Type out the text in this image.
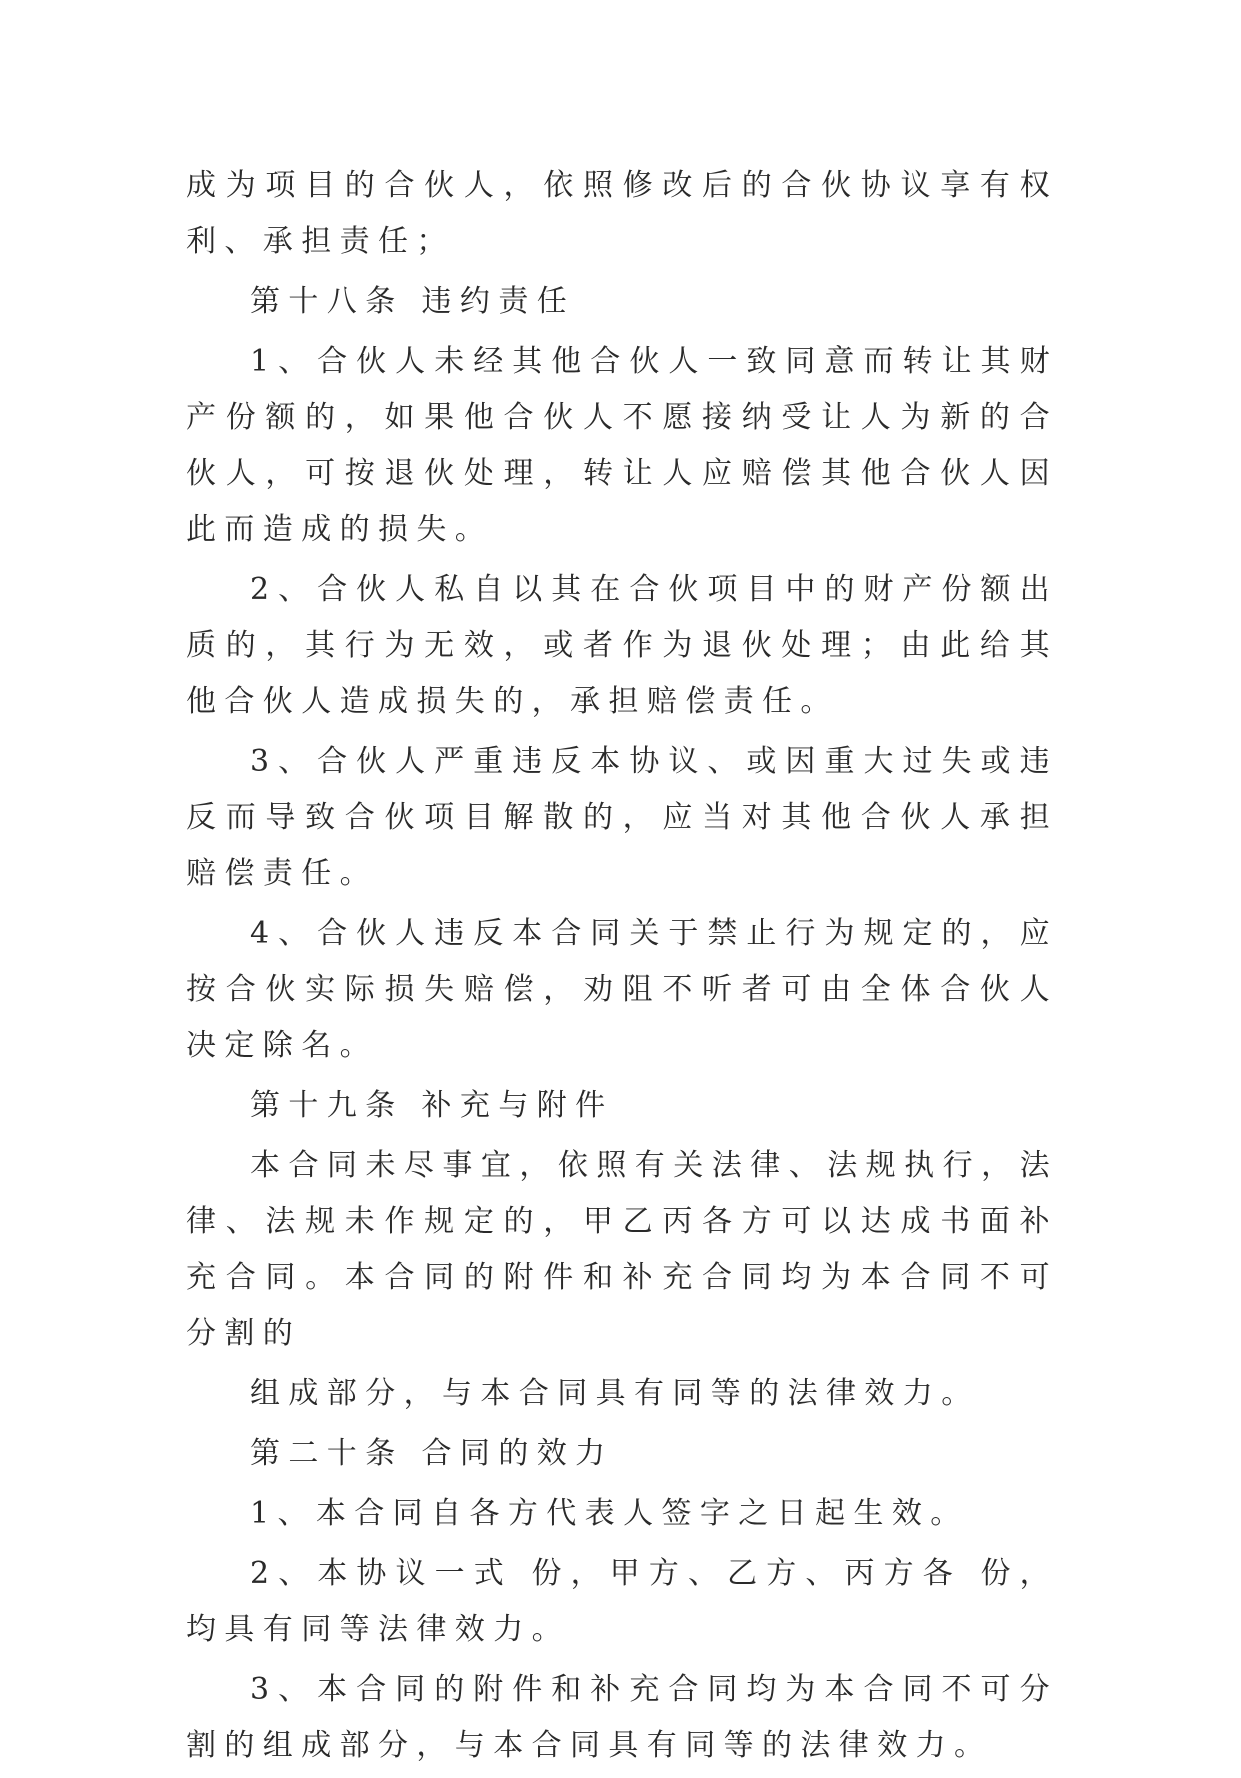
成为项目的合伙人，依照修改后的合伙协议享有权利、承担责任；

第十八条 违约责任

1、合伙人未经其他合伙人一致同意而转让其财产份额的，如果他合伙人不愿接纳受让人为新的合伙人，可按退伙处理，转让人应赔偿其他合伙人因此而造成的损失。

2、合伙人私自以其在合伙项目中的财产份额出质的，其行为无效，或者作为退伙处理；由此给其他合伙人造成损失的，承担赔偿责任。

3、合伙人严重违反本协议、或因重大过失或违反而导致合伙项目解散的，应当对其他合伙人承担赔偿责任。

4、合伙人违反本合同关于禁止行为规定的，应按合伙实际损失赔偿，劝阻不听者可由全体合伙人决定除名。

第十九条 补充与附件

本合同未尽事宜，依照有关法律、法规执行，法律、法规未作规定的，甲乙丙各方可以达成书面补充合同。本合同的附件和补充合同均为本合同不可分割的

组成部分，与本合同具有同等的法律效力。

第二十条 合同的效力

1、本合同自各方代表人签字之日起生效。

2、本协议一式 份，甲方、乙方、丙方各 份，均具有同等法律效力。

3、本合同的附件和补充合同均为本合同不可分割的组成部分，与本合同具有同等的法律效力。
